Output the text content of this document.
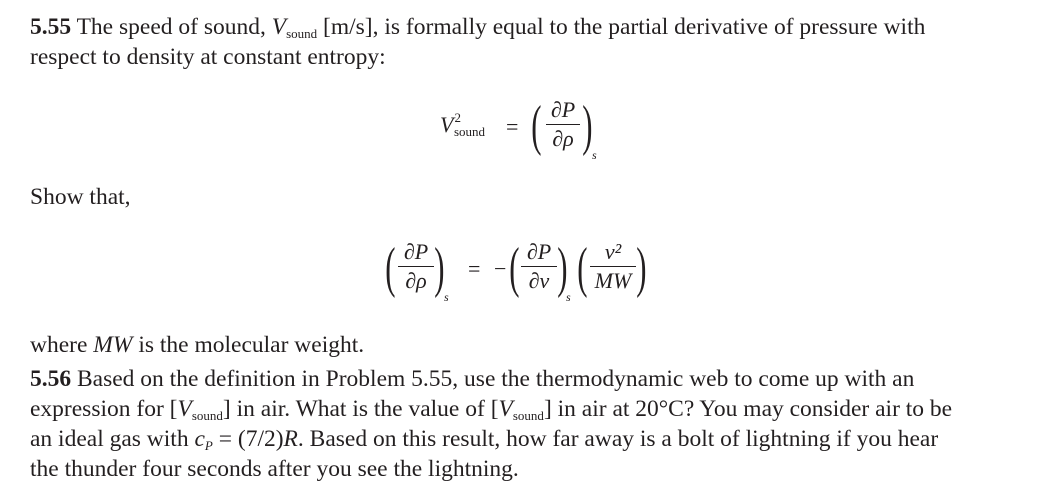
5.55 The speed of sound, Vsound [m/s], is formally equal to the partial derivative of pressure with
respect to density at constant entropy:
$V^2sound$ = ( ∂P
∂ρ ) s
Show that,
( ∂P
∂ρ ) s
= − ( ∂P
∂v )
s ( v²
MW )
where MW is the molecular weight.
5.56 Based on the definition in Problem 5.55, use the thermodynamic web to come up with an
expression for [Vsound] in air. What is the value of [Vsound] in air at 20°C? You may consider air to be
an ideal gas with cP = (7/2)R. Based on this result, how far away is a bolt of lightning if you hear
the thunder four seconds after you see the lightning.
